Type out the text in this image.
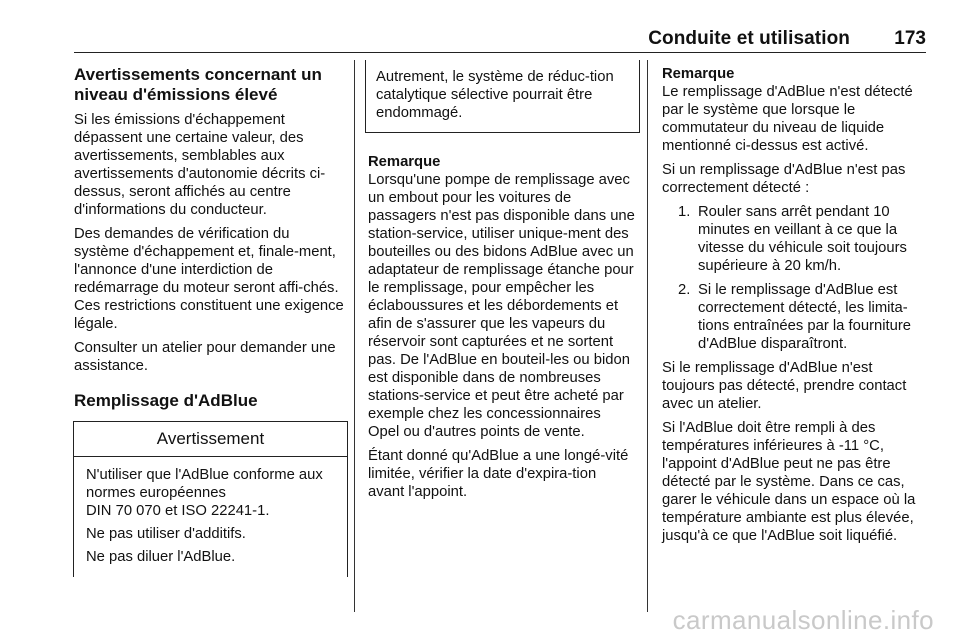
Conduite et utilisation 173
Avertissements concernant un niveau d'émissions élevé

Si les émissions d'échappement dépassent une certaine valeur, des avertissements, semblables aux avertissements d'autonomie décrits ci-dessus, seront affichés au centre d'informations du conducteur.

Des demandes de vérification du système d'échappement et, finale-ment, l'annonce d'une interdiction de redémarrage du moteur seront affi-chés. Ces restrictions constituent une exigence légale.

Consulter un atelier pour demander une assistance.

Remplissage d'AdBlue
Avertissement

N'utiliser que l'AdBlue conforme aux normes européennes
DIN 70 070 et ISO 22241-1.

Ne pas utiliser d'additifs.

Ne pas diluer l'AdBlue.

Autrement, le système de réduc-tion catalytique sélective pourrait être endommagé.

Remarque

Lorsqu'une pompe de remplissage avec un embout pour les voitures de passagers n'est pas disponible dans une station-service, utiliser unique-ment des bouteilles ou des bidons AdBlue avec un adaptateur de remplissage étanche pour le remplissage, pour empêcher les éclaboussures et les débordements et afin de s'assurer que les vapeurs du réservoir sont capturées et ne sortent pas. De l'AdBlue en bouteil-les ou bidon est disponible dans de nombreuses stations-service et peut être acheté par exemple chez les concessionnaires Opel ou d'autres points de vente.

Étant donné qu'AdBlue a une longé-vité limitée, vérifier la date d'expira-tion avant l'appoint.

Remarque

Le remplissage d'AdBlue n'est détecté par le système que lorsque le commutateur du niveau de liquide mentionné ci-dessus est activé.

Si un remplissage d'AdBlue n'est pas correctement détecté :

1. Rouler sans arrêt pendant 10 minutes en veillant à ce que la vitesse du véhicule soit toujours supérieure à 20 km/h.
2. Si le remplissage d'AdBlue est correctement détecté, les limita-tions entraînées par la fourniture d'AdBlue disparaîtront.

Si le remplissage d'AdBlue n'est toujours pas détecté, prendre contact avec un atelier.

Si l'AdBlue doit être rempli à des températures inférieures à -11 °C, l'appoint d'AdBlue peut ne pas être détecté par le système. Dans ce cas, garer le véhicule dans un espace où la température ambiante est plus élevée, jusqu'à ce que l'AdBlue soit liquéfié.

carmanualsonline.info
